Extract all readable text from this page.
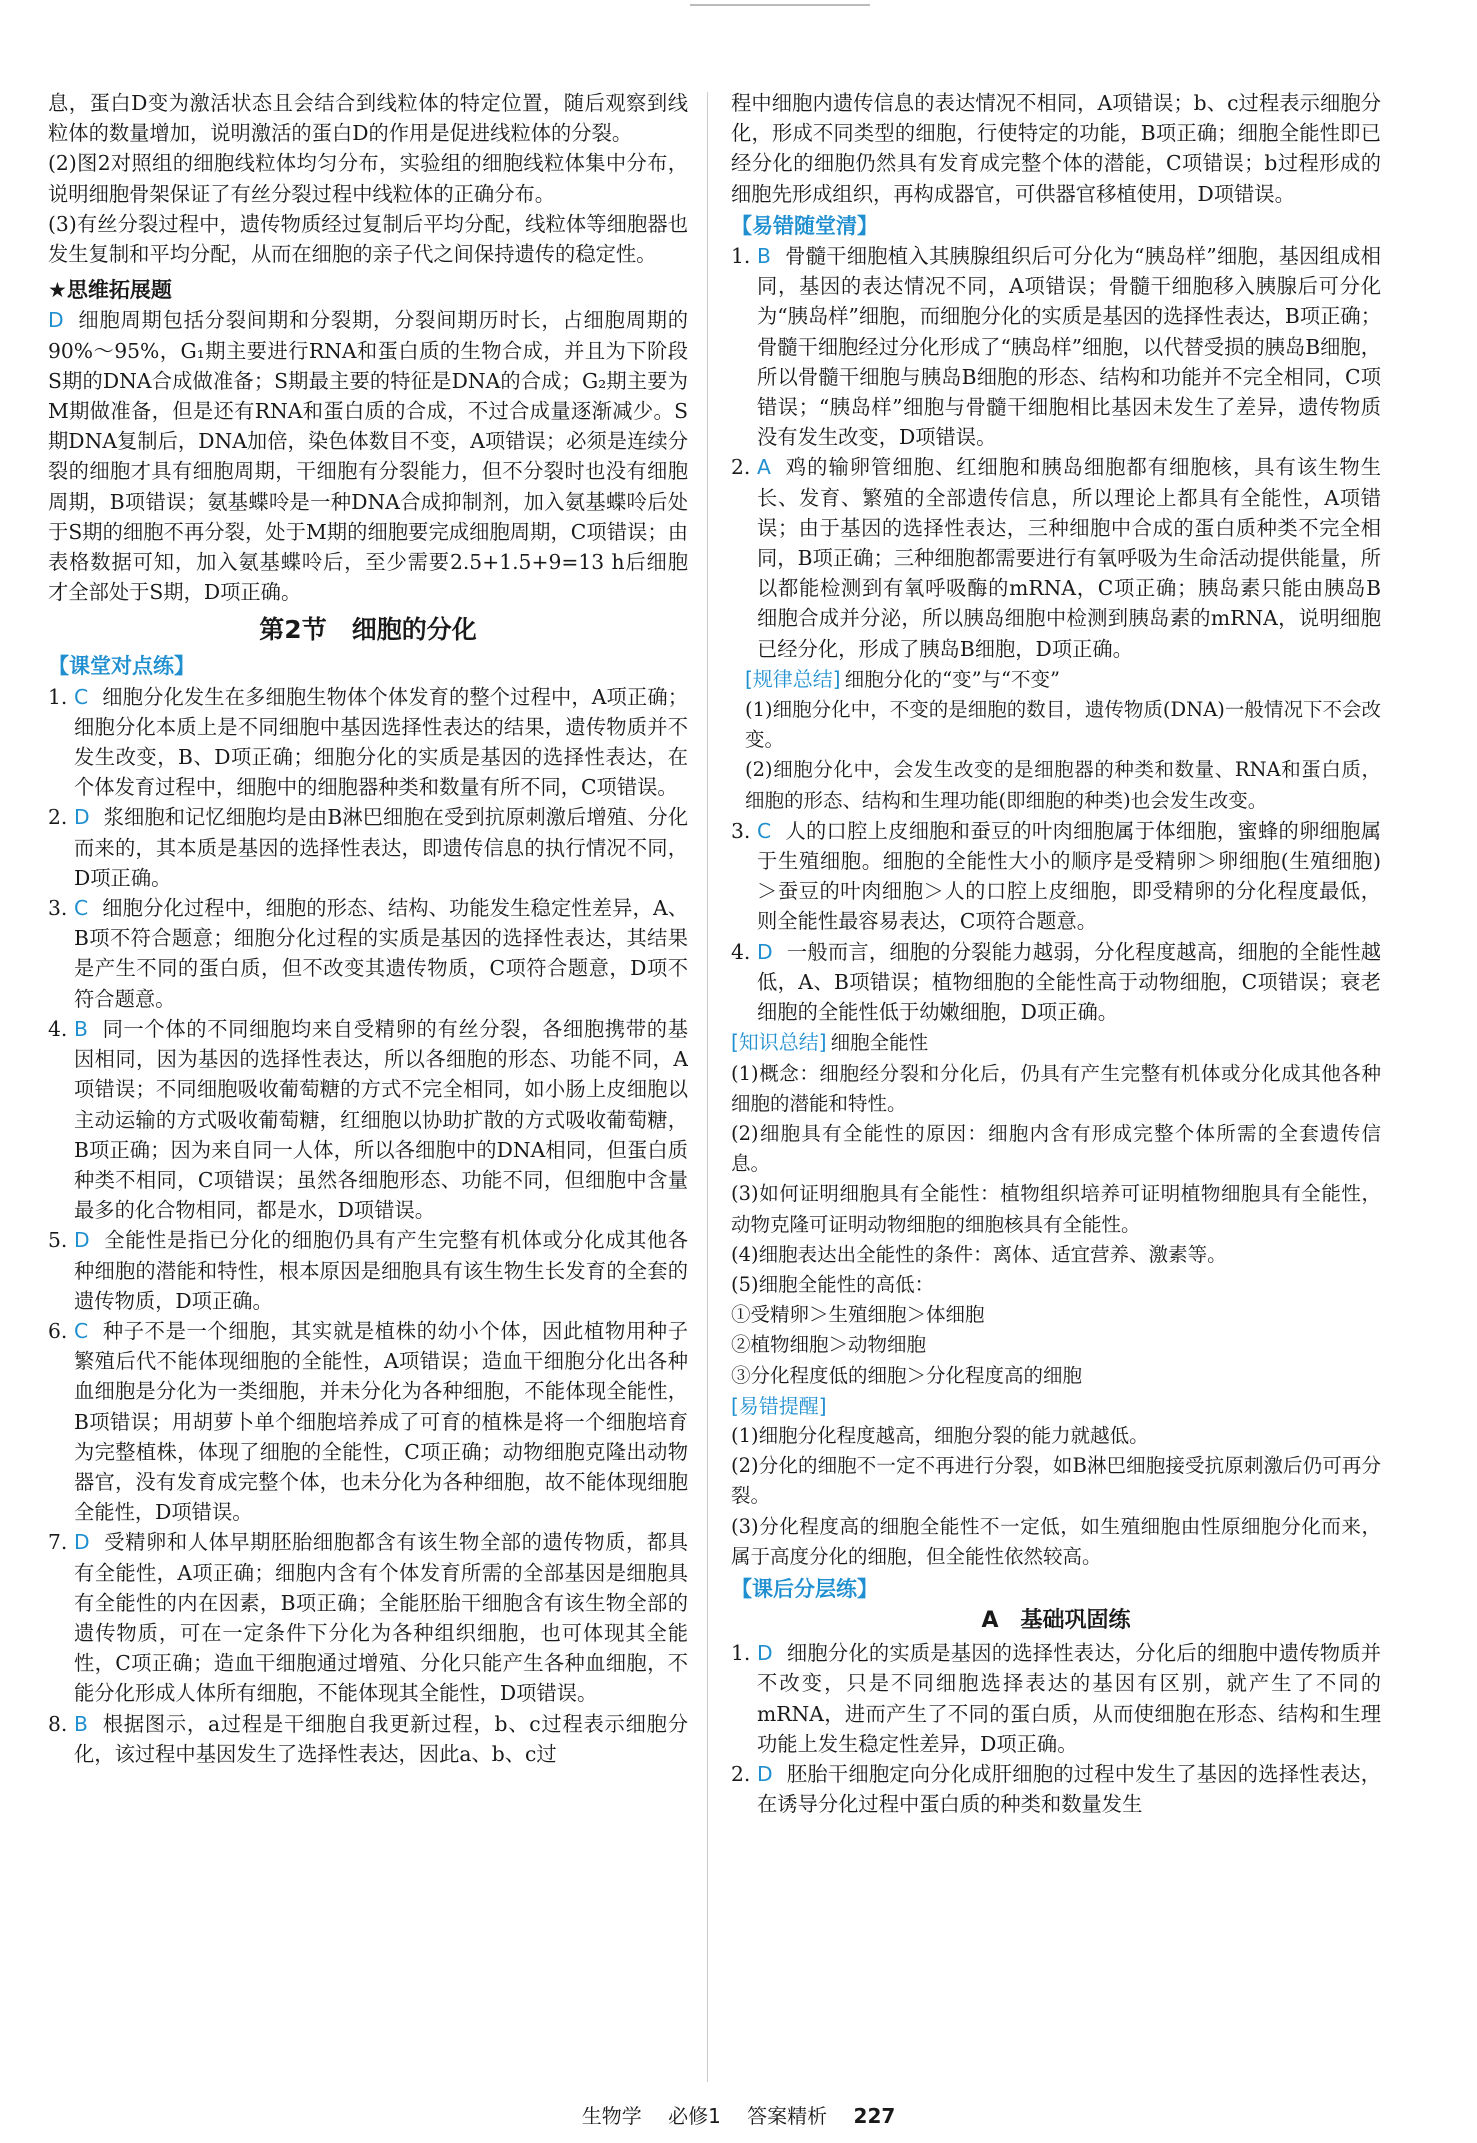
息，蛋白D变为激活状态且会结合到线粒体的特定位置，随后观察到线粒体的数量增加，说明激活的蛋白D的作用是促进线粒体的分裂。

(2)图2对照组的细胞线粒体均匀分布，实验组的细胞线粒体集中分布，说明细胞骨架保证了有丝分裂过程中线粒体的正确分布。

(3)有丝分裂过程中，遗传物质经过复制后平均分配，线粒体等细胞器也发生复制和平均分配，从而在细胞的亲子代之间保持遗传的稳定性。

★思维拓展题

D 细胞周期包括分裂间期和分裂期，分裂间期历时长，占细胞周期的90%～95%，G₁期主要进行RNA和蛋白质的生物合成，并且为下阶段S期的DNA合成做准备；S期最主要的特征是DNA的合成；G₂期主要为M期做准备，但是还有RNA和蛋白质的合成，不过合成量逐渐减少。S期DNA复制后，DNA加倍，染色体数目不变，A项错误；必须是连续分裂的细胞才具有细胞周期，干细胞有分裂能力，但不分裂时也没有细胞周期，B项错误；氨基蝶呤是一种DNA合成抑制剂，加入氨基蝶呤后处于S期的细胞不再分裂，处于M期的细胞要完成细胞周期，C项错误；由表格数据可知，加入氨基蝶呤后，至少需要2.5+1.5+9=13 h后细胞才全部处于S期，D项正确。

第2节　细胞的分化

【课堂对点练】

1. C 细胞分化发生在多细胞生物体个体发育的整个过程中，A项正确；细胞分化本质上是不同细胞中基因选择性表达的结果，遗传物质并不发生改变，B、D项正确；细胞分化的实质是基因的选择性表达，在个体发育过程中，细胞中的细胞器种类和数量有所不同，C项错误。

2. D 浆细胞和记忆细胞均是由B淋巴细胞在受到抗原刺激后增殖、分化而来的，其本质是基因的选择性表达，即遗传信息的执行情况不同，D项正确。

3. C 细胞分化过程中，细胞的形态、结构、功能发生稳定性差异，A、B项不符合题意；细胞分化过程的实质是基因的选择性表达，其结果是产生不同的蛋白质，但不改变其遗传物质，C项符合题意，D项不符合题意。

4. B 同一个体的不同细胞均来自受精卵的有丝分裂，各细胞携带的基因相同，因为基因的选择性表达，所以各细胞的形态、功能不同，A项错误；不同细胞吸收葡萄糖的方式不完全相同，如小肠上皮细胞以主动运输的方式吸收葡萄糖，红细胞以协助扩散的方式吸收葡萄糖，B项正确；因为来自同一人体，所以各细胞中的DNA相同，但蛋白质种类不相同，C项错误；虽然各细胞形态、功能不同，但细胞中含量最多的化合物相同，都是水，D项错误。

5. D 全能性是指已分化的细胞仍具有产生完整有机体或分化成其他各种细胞的潜能和特性，根本原因是细胞具有该生物生长发育的全套的遗传物质，D项正确。

6. C 种子不是一个细胞，其实就是植株的幼小个体，因此植物用种子繁殖后代不能体现细胞的全能性，A项错误；造血干细胞分化出各种血细胞是分化为一类细胞，并未分化为各种细胞，不能体现全能性，B项错误；用胡萝卜单个细胞培养成了可育的植株是将一个细胞培育为完整植株，体现了细胞的全能性，C项正确；动物细胞克隆出动物器官，没有发育成完整个体，也未分化为各种细胞，故不能体现细胞全能性，D项错误。

7. D 受精卵和人体早期胚胎细胞都含有该生物全部的遗传物质，都具有全能性，A项正确；细胞内含有个体发育所需的全部基因是细胞具有全能性的内在因素，B项正确；全能胚胎干细胞含有该生物全部的遗传物质，可在一定条件下分化为各种组织细胞，也可体现其全能性，C项正确；造血干细胞通过增殖、分化只能产生各种血细胞，不能分化形成人体所有细胞，不能体现其全能性，D项错误。

8. B 根据图示，a过程是干细胞自我更新过程，b、c过程表示细胞分化，该过程中基因发生了选择性表达，因此a、b、c过

程中细胞内遗传信息的表达情况不相同，A项错误；b、c过程表示细胞分化，形成不同类型的细胞，行使特定的功能，B项正确；细胞全能性即已经分化的细胞仍然具有发育成完整个体的潜能，C项错误；b过程形成的细胞先形成组织，再构成器官，可供器官移植使用，D项错误。

【易错随堂清】

1. B 骨髓干细胞植入其胰腺组织后可分化为“胰岛样”细胞，基因组成相同，基因的表达情况不同，A项错误；骨髓干细胞移入胰腺后可分化为“胰岛样”细胞，而细胞分化的实质是基因的选择性表达，B项正确；骨髓干细胞经过分化形成了“胰岛样”细胞，以代替受损的胰岛B细胞，所以骨髓干细胞与胰岛B细胞的形态、结构和功能并不完全相同，C项错误；“胰岛样”细胞与骨髓干细胞相比基因未发生了差异，遗传物质没有发生改变，D项错误。

2. A 鸡的输卵管细胞、红细胞和胰岛细胞都有细胞核，具有该生物生长、发育、繁殖的全部遗传信息，所以理论上都具有全能性，A项错误；由于基因的选择性表达，三种细胞中合成的蛋白质种类不完全相同，B项正确；三种细胞都需要进行有氧呼吸为生命活动提供能量，所以都能检测到有氧呼吸酶的mRNA，C项正确；胰岛素只能由胰岛B细胞合成并分泌，所以胰岛细胞中检测到胰岛素的mRNA，说明细胞已经分化，形成了胰岛B细胞，D项正确。

[规律总结] 细胞分化的“变”与“不变”

(1)细胞分化中，不变的是细胞的数目，遗传物质(DNA)一般情况下不会改变。

(2)细胞分化中，会发生改变的是细胞器的种类和数量、RNA和蛋白质，细胞的形态、结构和生理功能(即细胞的种类)也会发生改变。

3. C 人的口腔上皮细胞和蚕豆的叶肉细胞属于体细胞，蜜蜂的卵细胞属于生殖细胞。细胞的全能性大小的顺序是受精卵＞卵细胞(生殖细胞)＞蚕豆的叶肉细胞＞人的口腔上皮细胞，即受精卵的分化程度最低，则全能性最容易表达，C项符合题意。

4. D 一般而言，细胞的分裂能力越弱，分化程度越高，细胞的全能性越低，A、B项错误；植物细胞的全能性高于动物细胞，C项错误；衰老细胞的全能性低于幼嫩细胞，D项正确。

[知识总结] 细胞全能性

(1)概念：细胞经分裂和分化后，仍具有产生完整有机体或分化成其他各种细胞的潜能和特性。

(2)细胞具有全能性的原因：细胞内含有形成完整个体所需的全套遗传信息。

(3)如何证明细胞具有全能性：植物组织培养可证明植物细胞具有全能性，动物克隆可证明动物细胞的细胞核具有全能性。

(4)细胞表达出全能性的条件：离体、适宜营养、激素等。

(5)细胞全能性的高低：

①受精卵＞生殖细胞＞体细胞

②植物细胞＞动物细胞

③分化程度低的细胞＞分化程度高的细胞

[易错提醒]

(1)细胞分化程度越高，细胞分裂的能力就越低。

(2)分化的细胞不一定不再进行分裂，如B淋巴细胞接受抗原刺激后仍可再分裂。

(3)分化程度高的细胞全能性不一定低，如生殖细胞由性原细胞分化而来，属于高度分化的细胞，但全能性依然较高。

【课后分层练】

A　基础巩固练

1. D 细胞分化的实质是基因的选择性表达，分化后的细胞中遗传物质并不改变，只是不同细胞选择表达的基因有区别，就产生了不同的mRNA，进而产生了不同的蛋白质，从而使细胞在形态、结构和生理功能上发生稳定性差异，D项正确。

2. D 胚胎干细胞定向分化成肝细胞的过程中发生了基因的选择性表达，在诱导分化过程中蛋白质的种类和数量发生

生物学 必修1 答案精析 227
